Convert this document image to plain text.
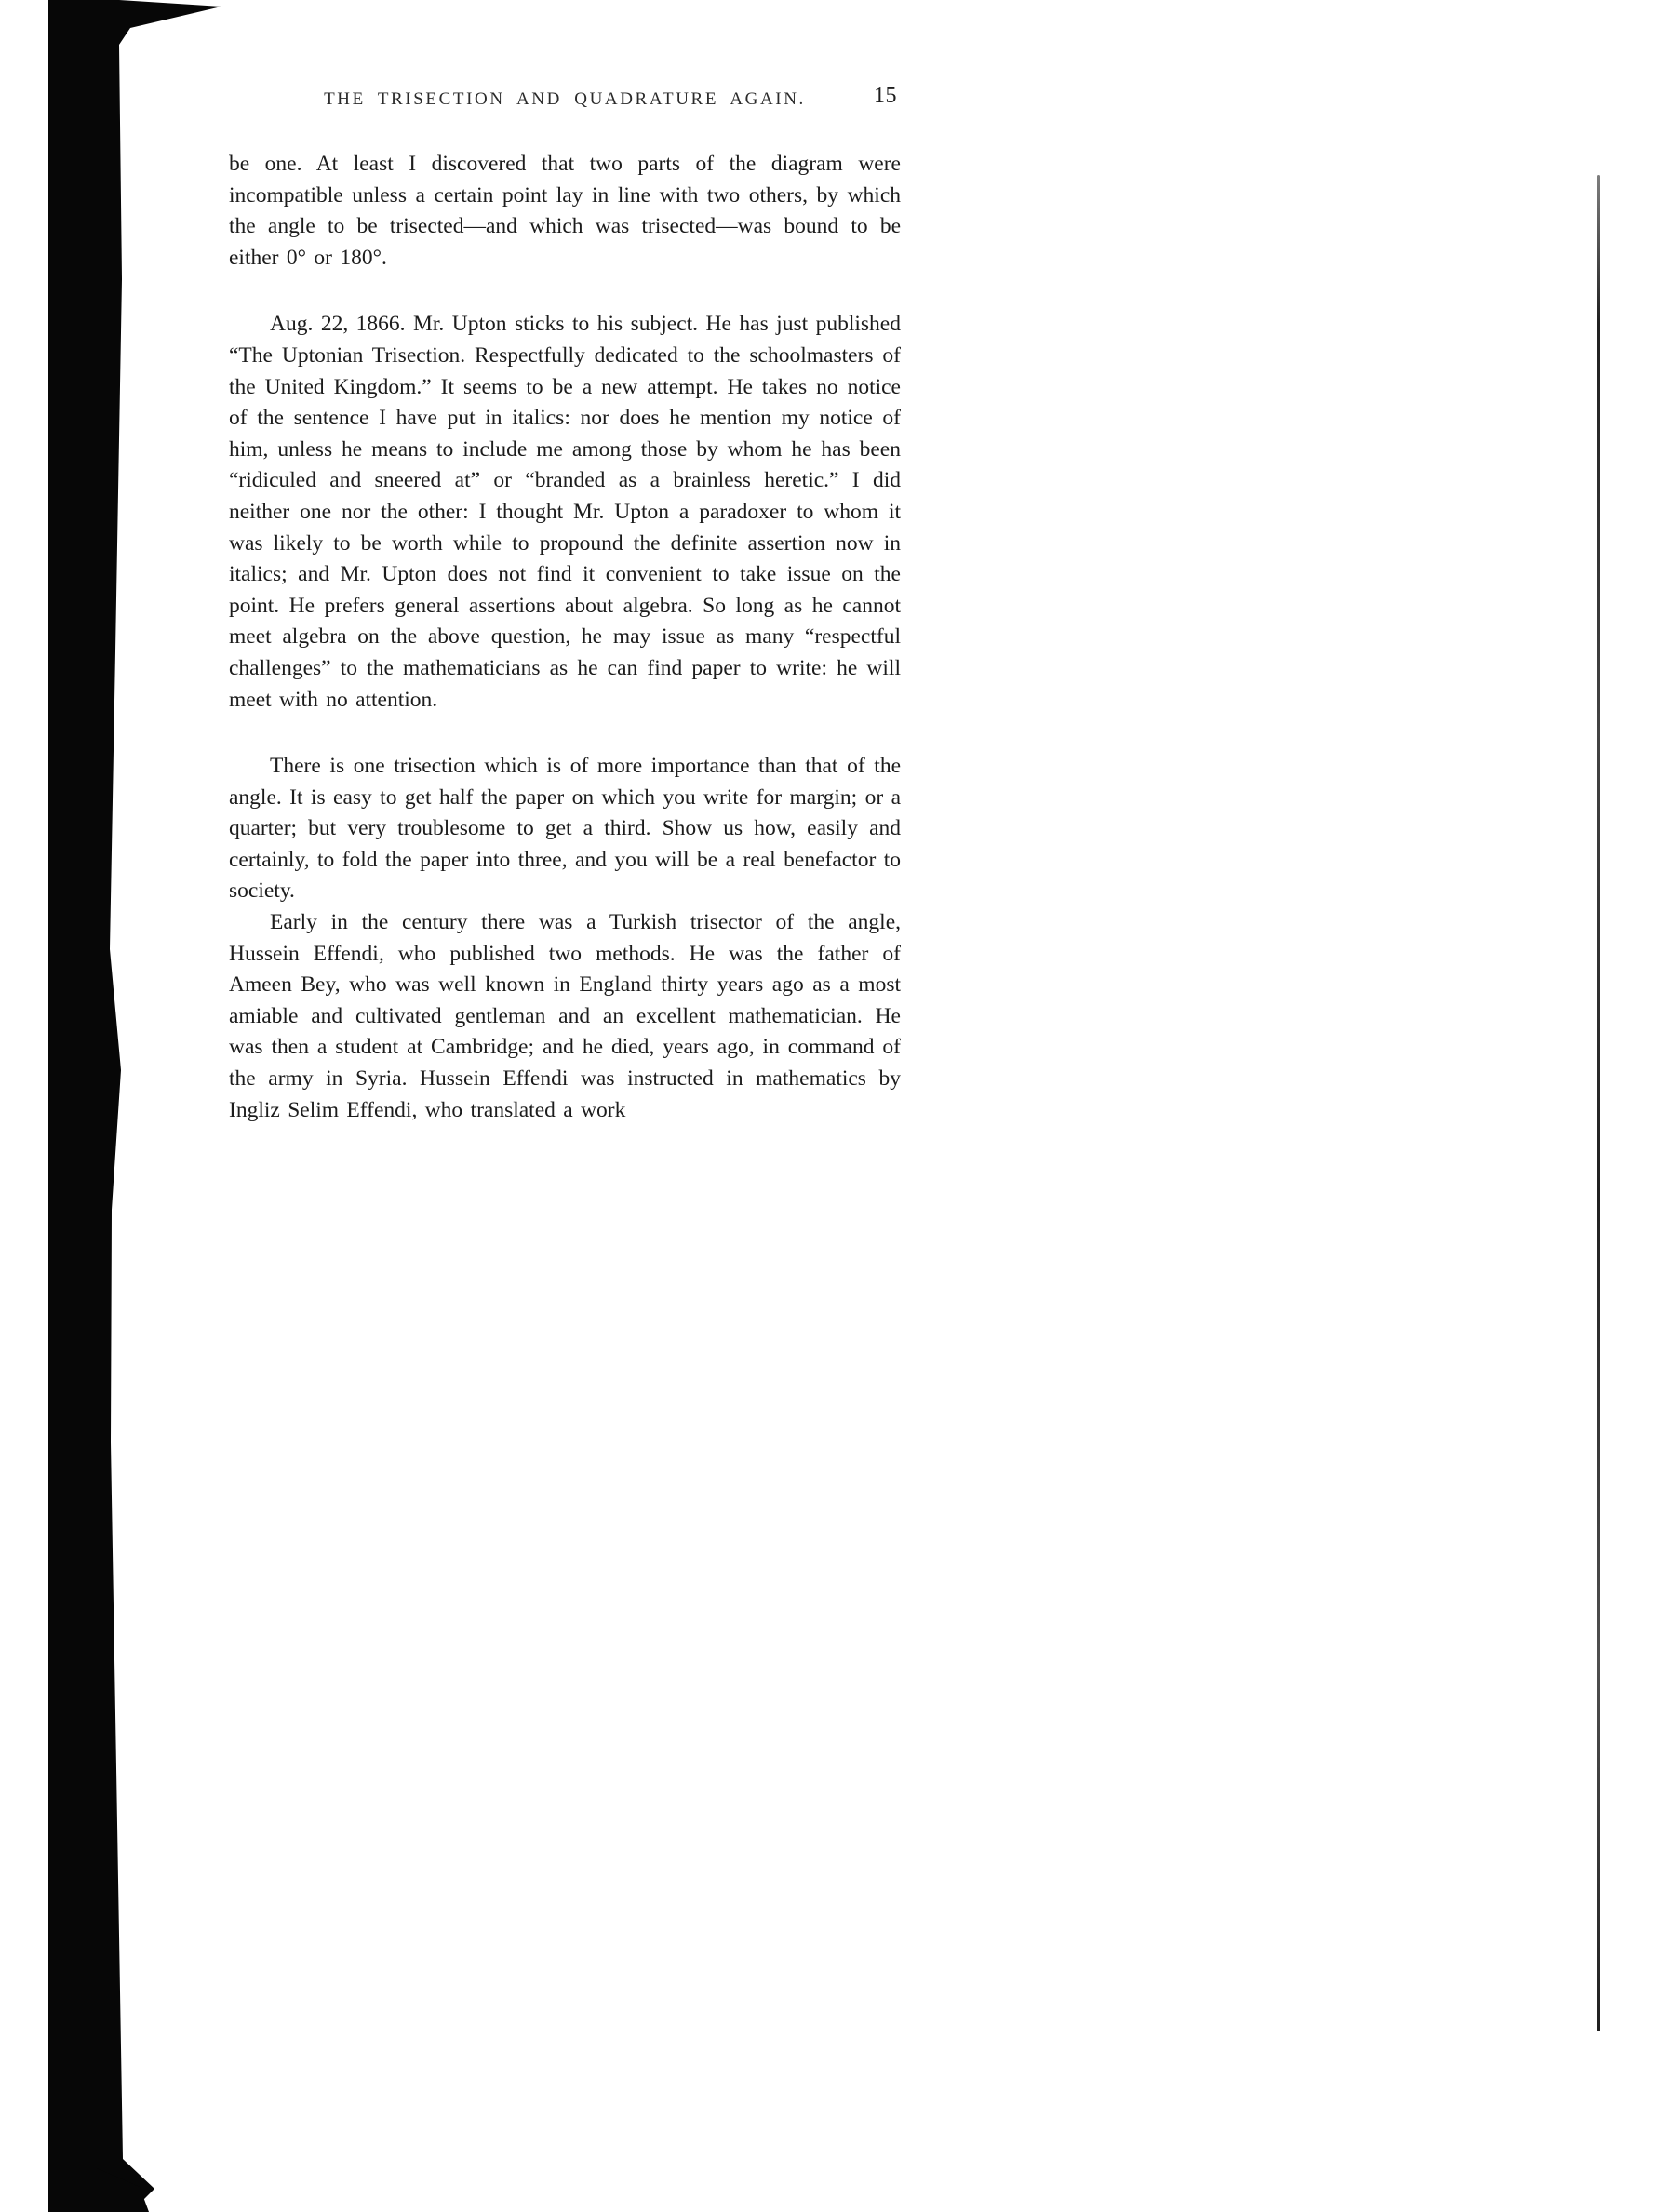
THE TRISECTION AND QUADRATURE AGAIN.	15

be one. At least I discovered that two parts of the diagram were incompatible unless a certain point lay in line with two others, by which the angle to be trisected—and which was trisected—was bound to be either 0° or 180°.

Aug. 22, 1866. Mr. Upton sticks to his subject. He has just published “The Uptonian Trisection. Respectfully dedicated to the schoolmasters of the United Kingdom.” It seems to be a new attempt. He takes no notice of the sentence I have put in italics: nor does he mention my notice of him, unless he means to include me among those by whom he has been “ridiculed and sneered at” or “branded as a brainless heretic.” I did neither one nor the other: I thought Mr. Upton a paradoxer to whom it was likely to be worth while to propound the definite assertion now in italics; and Mr. Upton does not find it convenient to take issue on the point. He prefers general assertions about algebra. So long as he cannot meet algebra on the above question, he may issue as many “respectful challenges” to the mathematicians as he can find paper to write: he will meet with no attention.

There is one trisection which is of more importance than that of the angle. It is easy to get half the paper on which you write for margin; or a quarter; but very troublesome to get a third. Show us how, easily and certainly, to fold the paper into three, and you will be a real benefactor to society.

Early in the century there was a Turkish trisector of the angle, Hussein Effendi, who published two methods. He was the father of Ameen Bey, who was well known in England thirty years ago as a most amiable and cultivated gentleman and an excellent mathematician. He was then a student at Cambridge; and he died, years ago, in command of the army in Syria. Hussein Effendi was instructed in mathematics by Ingliz Selim Effendi, who translated a work
